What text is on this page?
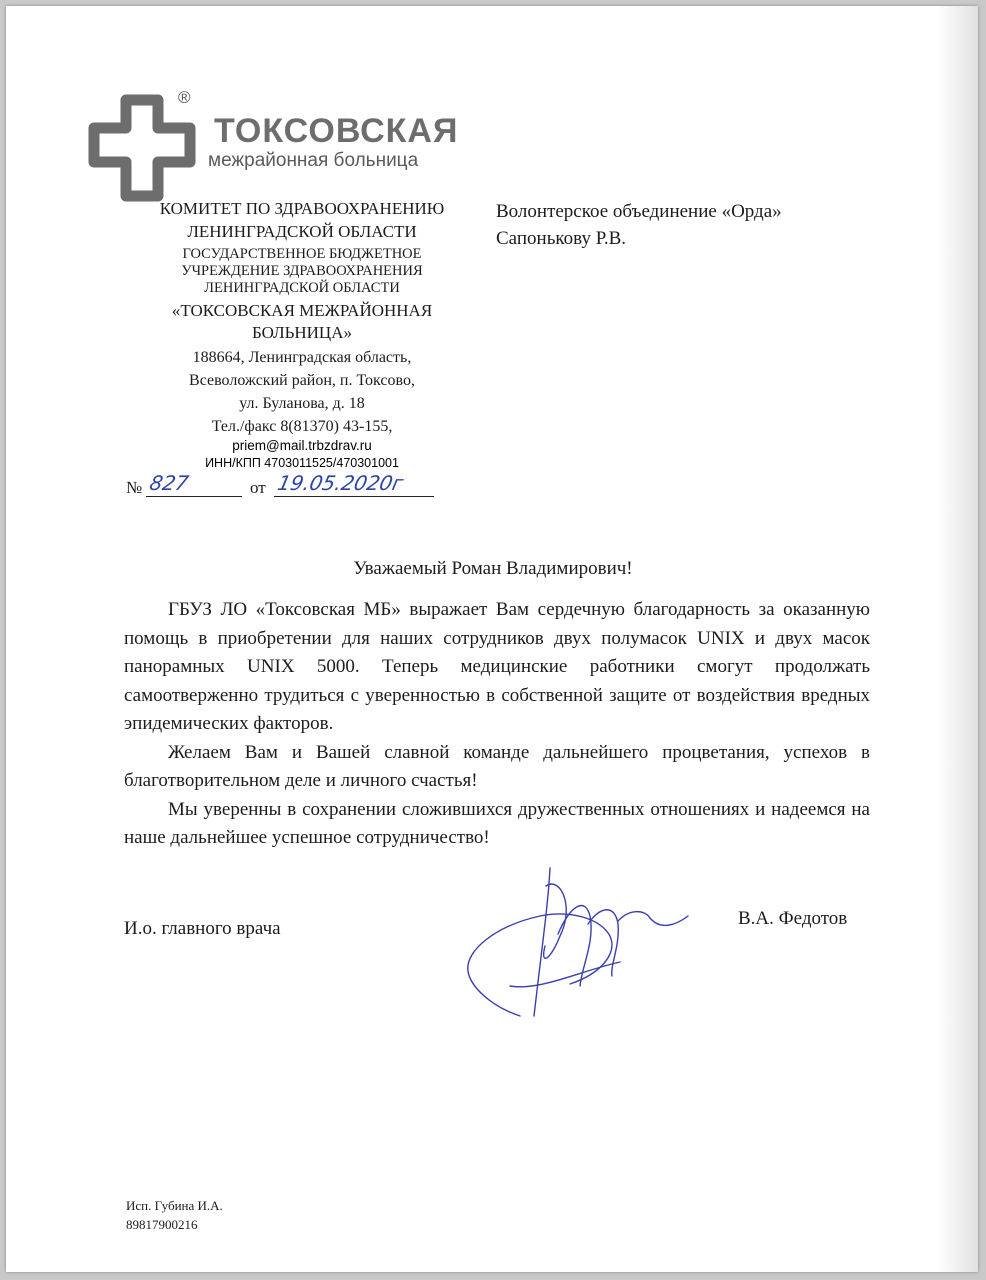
®
ТОКСОВСКАЯ
межрайонная больница
КОМИТЕТ ПО ЗДРАВООХРАНЕНИЮ
ЛЕНИНГРАДСКОЙ ОБЛАСТИ
ГОСУДАРСТВЕННОЕ БЮДЖЕТНОЕ
УЧРЕЖДЕНИЕ ЗДРАВООХРАНЕНИЯ
ЛЕНИНГРАДСКОЙ ОБЛАСТИ
«ТОКСОВСКАЯ МЕЖРАЙОННАЯ
БОЛЬНИЦА»
188664, Ленинградская область,
Всеволожский район, п. Токсово,
ул. Буланова, д. 18
Тел./факс 8(81370) 43-155,
priem@mail.trbzdrav.ru
ИНН/КПП 4703011525/470301001
№ 827	от 19.05.2020г
Волонтерское объединение «Орда»
Сапонькову Р.В.
Уважаемый Роман Владимирович!

ГБУЗ ЛО «Токсовская МБ» выражает Вам сердечную благодарность за оказанную помощь в приобретении для наших сотрудников двух полумасок UNIX и двух масок панорамных UNIX 5000. Теперь медицинские работники смогут продолжать самоотверженно трудиться с уверенностью в собственной защите от воздействия вредных эпидемических факторов.

Желаем Вам и Вашей славной команде дальнейшего процветания, успехов в благотворительном деле и личного счастья!

Мы уверенны в сохранении сложившихся дружественных отношениях и надеемся на наше дальнейшее успешное сотрудничество!

И.о. главного врача	В.А. Федотов
Исп. Губина И.А.
89817900216
